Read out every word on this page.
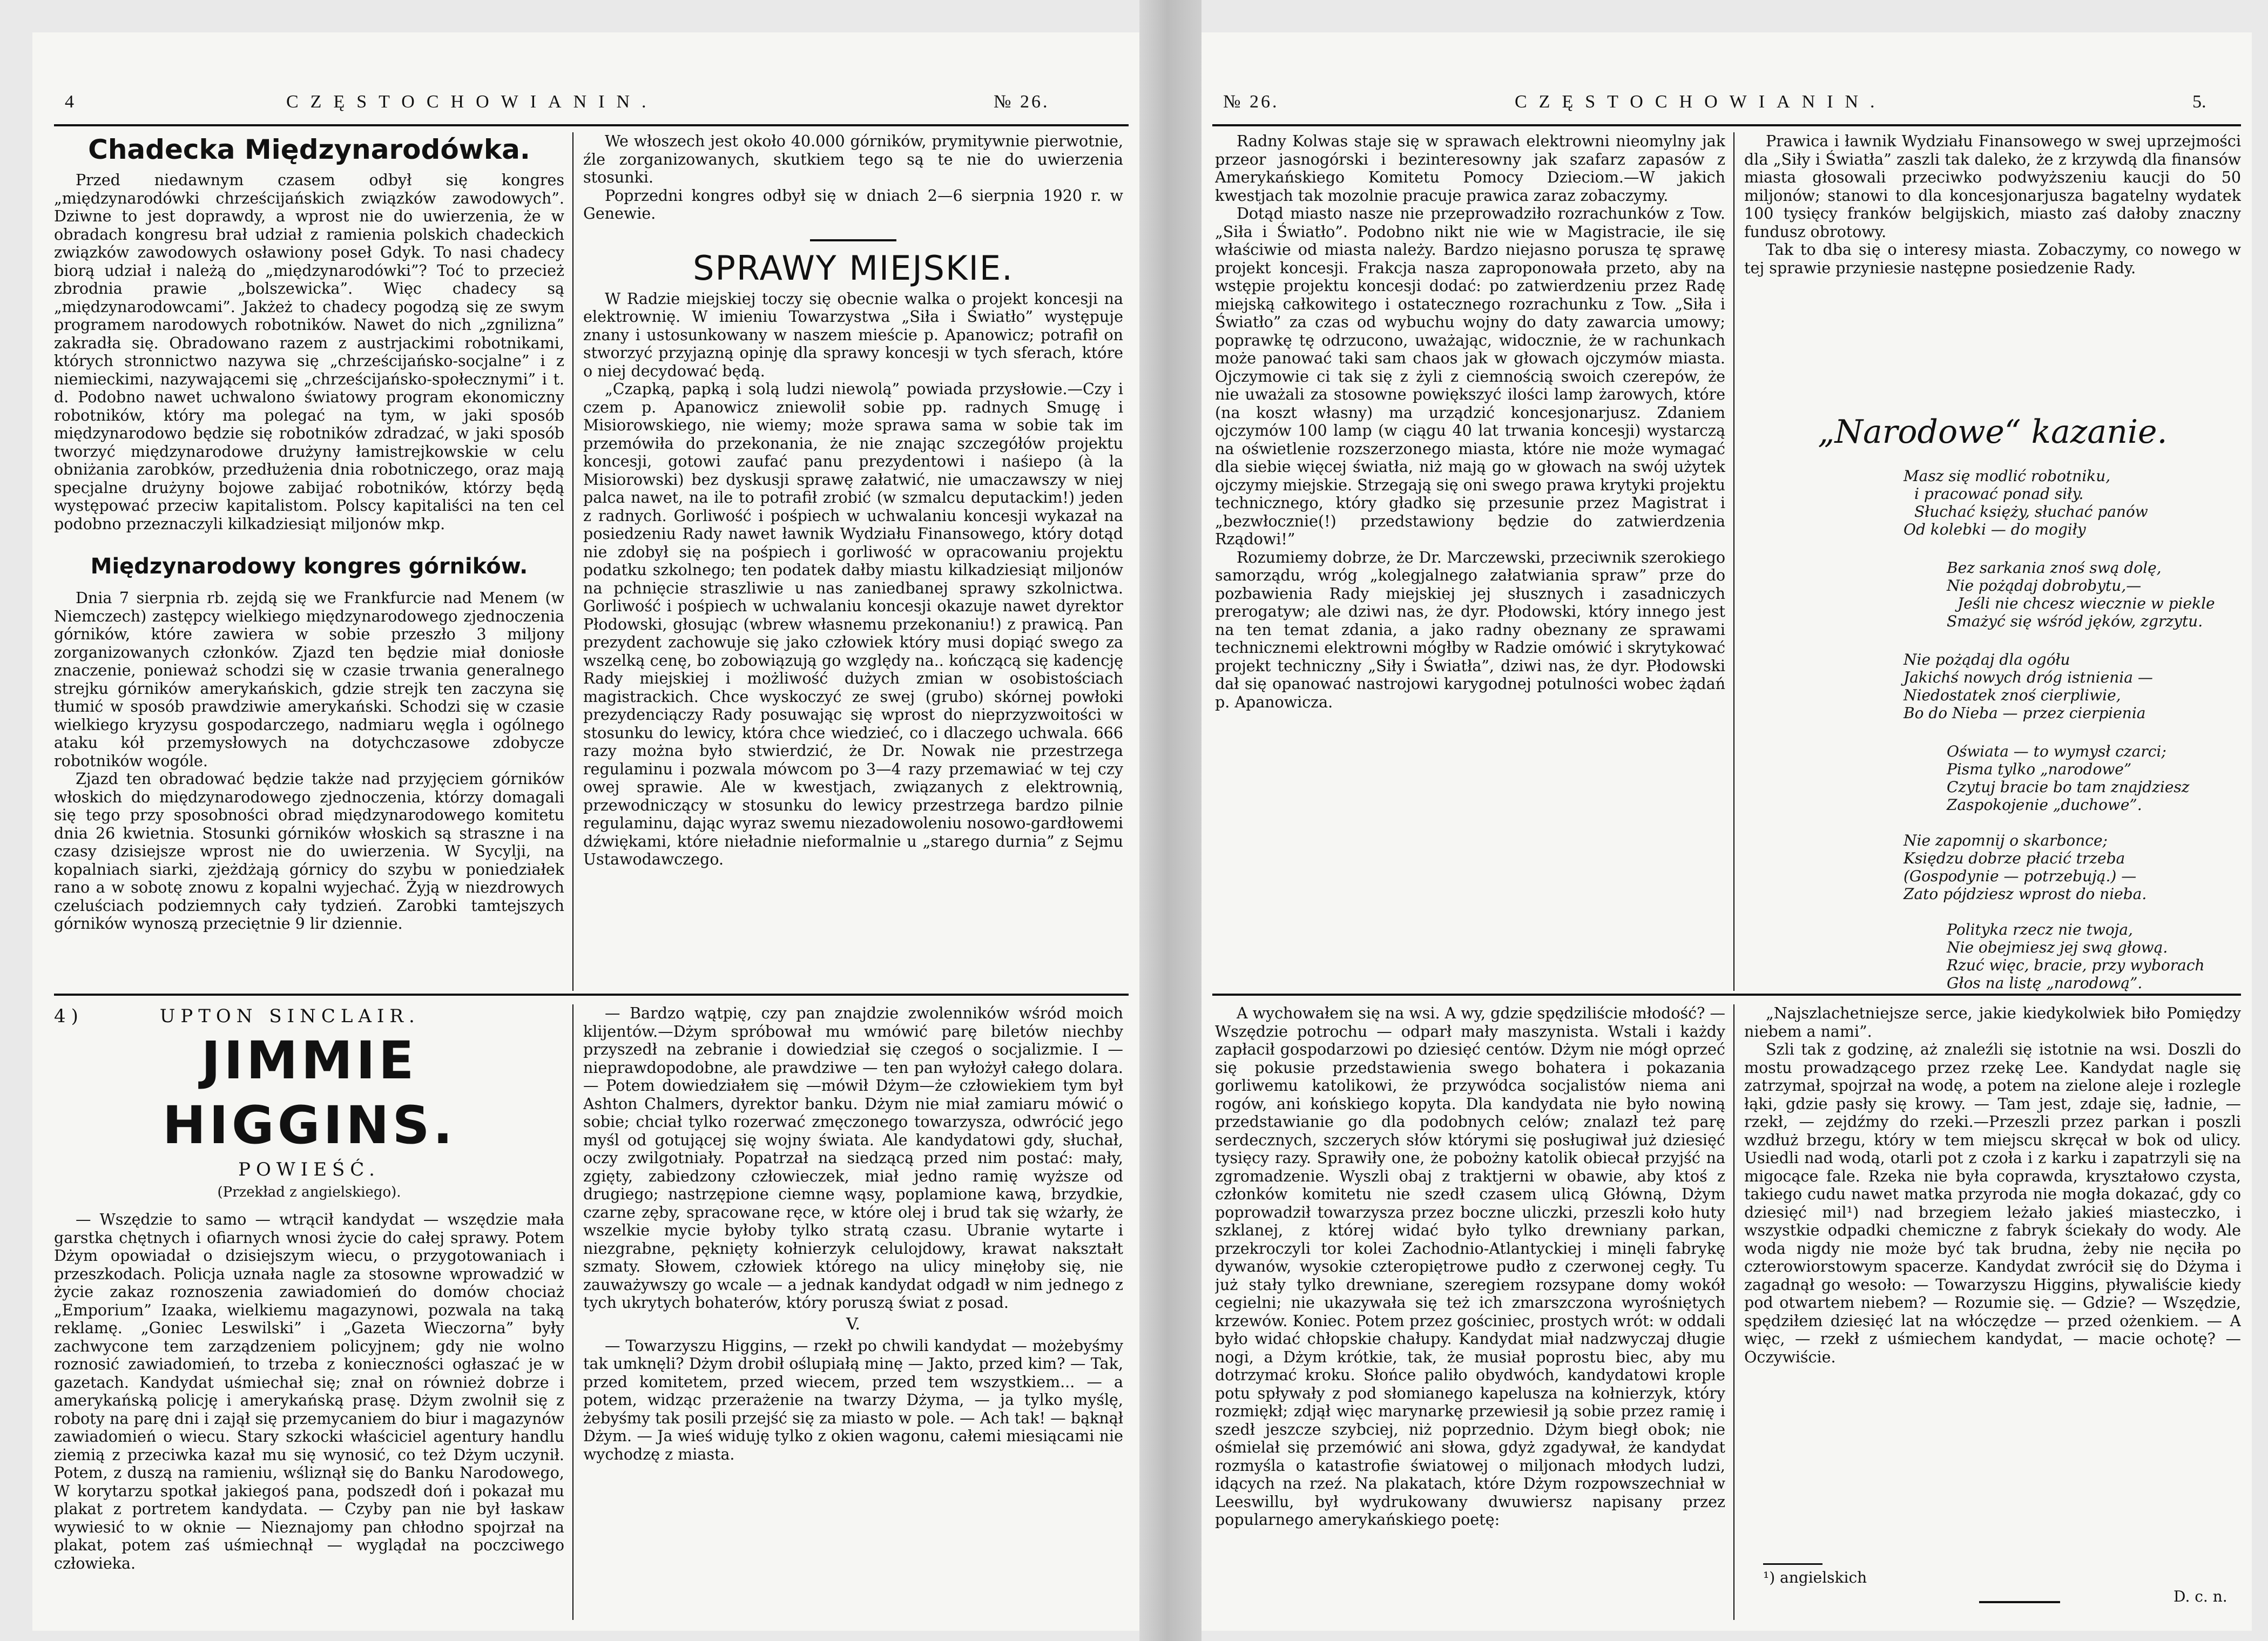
4	CZĘSTOCHOWIANIN.	№ 26.
Chadecka Międzynarodówka.

Przed niedawnym czasem odbył się kongres „międzynarodówki chrześcijańskich związków zawodowych”. Dziwne to jest doprawdy, a wprost nie do uwierzenia, że w obradach kongresu brał udział z ramienia polskich chadeckich związków zawodowych osławiony poseł Gdyk. To nasi chadecy biorą udział i należą do „międzynarodówki”? Toć to przecież zbrodnia prawie „bolszewicka”. Więc chadecy są „międzynarodowcami”. Jakżeż to chadecy pogodzą się ze swym programem narodowych robotników. Nawet do nich „zgnilizna” zakradła się. Obradowano razem z austrjackimi robotnikami, których stronnictwo nazywa się „chrześcijańsko-socjalne” i z niemieckimi, nazywającemi się „chrześcijańsko-społecznymi” i t. d. Podobno nawet uchwalono światowy program ekonomiczny robotników, który ma polegać na tym, w jaki sposób międzynarodowo będzie się robotników zdradzać, w jaki sposób tworzyć międzynarodowe drużyny łamistrejkowskie w celu obniżania zarobków, przedłużenia dnia robotniczego, oraz mają specjalne drużyny bojowe zabijać robotników, którzy będą występować przeciw kapitalistom. Polscy kapitaliści na ten cel podobno przeznaczyli kilkadziesiąt miljonów mkp.

Międzynarodowy kongres górników.

Dnia 7 sierpnia rb. zejdą się we Frankfurcie nad Menem (w Niemczech) zastępcy wielkiego międzynarodowego zjednoczenia górników, które zawiera w sobie przeszło 3 miljony zorganizowanych członków. Zjazd ten będzie miał doniosłe znaczenie, ponieważ schodzi się w czasie trwania generalnego strejku górników amerykańskich, gdzie strejk ten zaczyna się tłumić w sposób prawdziwie amerykański. Schodzi się w czasie wielkiego kryzysu gospodarczego, nadmiaru węgla i ogólnego ataku kół przemysłowych na dotychczasowe zdobycze robotników wogóle.

Zjazd ten obradować będzie także nad przyjęciem górników włoskich do międzynarodowego zjednoczenia, którzy domagali się tego przy sposobności obrad międzynarodowego komitetu dnia 26 kwietnia. Stosunki górników włoskich są straszne i na czasy dzisiejsze wprost nie do uwierzenia. W Sycylji, na kopalniach siarki, zjeżdżają górnicy do szybu w poniedziałek rano a w sobotę znowu z kopalni wyjechać. Żyją w niezdrowych czeluściach podziemnych cały tydzień. Zarobki tamtejszych górników wynoszą przeciętnie 9 lir dziennie.

We włoszech jest około 40.000 górników, prymitywnie pierwotnie, źle zorganizowanych, skutkiem tego są te nie do uwierzenia stosunki.

Poprzedni kongres odbył się w dniach 2—6 sierpnia 1920 r. w Genewie.

SPRAWY MIEJSKIE.

W Radzie miejskiej toczy się obecnie walka o projekt koncesji na elektrownię. W imieniu Towarzystwa „Siła i Światło” występuje znany i ustosunkowany w naszem mieście p. Apanowicz; potrafił on stworzyć przyjazną opinję dla sprawy koncesji w tych sferach, które o niej decydować będą.

„Czapką, papką i solą ludzi niewolą” powiada przysłowie.—Czy i czem p. Apanowicz zniewolił sobie pp. radnych Smugę i Misiorowskiego, nie wiemy; może sprawa sama w sobie tak im przemówiła do przekonania, że nie znając szczegółów projektu koncesji, gotowi zaufać panu prezydentowi i naśiepo (à la Misiorowski) bez dyskusji sprawę załatwić, nie umaczawszy w niej palca nawet, na ile to potrafił zrobić (w szmalcu deputackim!) jeden z radnych. Gorliwość i pośpiech w uchwalaniu koncesji wykazał na posiedzeniu Rady nawet ławnik Wydziału Finansowego, który dotąd nie zdobył się na pośpiech i gorliwość w opracowaniu projektu podatku szkolnego; ten podatek dałby miastu kilkadziesiąt miljonów na pchnięcie straszliwie u nas zaniedbanej sprawy szkolnictwa. Gorliwość i pośpiech w uchwalaniu koncesji okazuje nawet dyrektor Płodowski, głosując (wbrew własnemu przekonaniu!) z prawicą. Pan prezydent zachowuje się jako człowiek który musi dopiąć swego za wszelką cenę, bo zobowiązują go względy na.. kończącą się kadencję Rady miejskiej i możliwość dużych zmian w osobistościach magistrackich. Chce wyskoczyć ze swej (grubo) skórnej powłoki prezydenciączy Rady posuwając się wprost do nieprzyzwoitości w stosunku do lewicy, która chce wiedzieć, co i dlaczego uchwala. 666 razy można było stwierdzić, że Dr. Nowak nie przestrzega regulaminu i pozwala mówcom po 3—4 razy przemawiać w tej czy owej sprawie. Ale w kwestjach, związanych z elektrownią, przewodniczący w stosunku do lewicy przestrzega bardzo pilnie regulaminu, dając wyraz swemu niezadowoleniu nosowo-gardłowemi dźwiękami, które nieładnie nieformalnie u „starego durnia” z Sejmu Ustawodawczego.

4)	UPTON SINCLAIR.
JIMMIE HIGGINS.
POWIEŚĆ.
(Przekład z angielskiego).

— Wszędzie to samo — wtrącił kandydat — wszędzie mała garstka chętnych i ofiarnych wnosi życie do całej sprawy. Potem Dżym opowiadał o dzisiejszym wiecu, o przygotowaniach i przeszkodach. Policja uznała nagle za stosowne wprowadzić w życie zakaz roznoszenia zawiadomień do domów chociaż „Emporium” Izaaka, wielkiemu magazynowi, pozwala na taką reklamę. „Goniec Leswilski” i „Gazeta Wieczorna” były zachwycone tem zarządzeniem policyjnem; gdy nie wolno roznosić zawiadomień, to trzeba z konieczności ogłaszać je w gazetach. Kandydat uśmiechał się; znał on również dobrze i amerykańską policję i amerykańską prasę. Dżym zwolnił się z roboty na parę dni i zajął się przemycaniem do biur i magazynów zawiadomień o wiecu. Stary szkocki właściciel agentury handlu ziemią z przeciwka kazał mu się wynosić, co też Dżym uczynił. Potem, z duszą na ramieniu, wśliznął się do Banku Narodowego, W korytarzu spotkał jakiegoś pana, podszedł doń i pokazał mu plakat z portretem kandydata. — Czyby pan nie był łaskaw wywiesić to w oknie — Nieznajomy pan chłodno spojrzał na plakat, potem zaś uśmiechnął — wyglądał na poczciwego człowieka.

— Bardzo wątpię, czy pan znajdzie zwolenników wśród moich klijentów.—Dżym spróbował mu wmówić parę biletów niechby przyszedł na zebranie i dowiedział się czegoś o socjalizmie. I — nieprawdopodobne, ale prawdziwe — ten pan wyłożył całego dolara. — Potem dowiedziałem się —mówił Dżym—że człowiekiem tym był Ashton Chalmers, dyrektor banku. Dżym nie miał zamiaru mówić o sobie; chciał tylko rozerwać zmęczonego towarzysza, odwrócić jego myśl od gotującej się wojny świata. Ale kandydatowi gdy, słuchał, oczy zwilgotniały. Popatrzał na siedzącą przed nim postać: mały, zgięty, zabiedzony człowieczek, miał jedno ramię wyższe od drugiego; nastrzępione ciemne wąsy, poplamione kawą, brzydkie, czarne zęby, spracowane ręce, w które olej i brud tak się wżarły, że wszelkie mycie byłoby tylko stratą czasu. Ubranie wytarte i niezgrabne, pęknięty kołnierzyk celulojdowy, krawat nakształt szmaty. Słowem, człowiek którego na ulicy minęłoby się, nie zauważywszy go wcale — a jednak kandydat odgadł w nim jednego z tych ukrytych bohaterów, który poruszą świat z posad.

V.

— Towarzyszu Higgins, — rzekł po chwili kandydat — możebyśmy tak umknęli? Dżym drobił oślupiałą minę — Jakto, przed kim? — Tak, przed komitetem, przed wiecem, przed tem wszystkiem... — a potem, widząc przerażenie na twarzy Dżyma, — ja tylko myślę, żebyśmy tak posili przejść się za miasto w pole. — Ach tak! — bąknął Dżym. — Ja wieś widuję tylko z okien wagonu, całemi miesiącami nie wychodzę z miasta.

№ 26.	CZĘSTOCHOWIANIN.	5.

Radny Kolwas staje się w sprawach elektrowni nieomylny jak przeor jasnogórski i bezinteresowny jak szafarz zapasów z Amerykańskiego Komitetu Pomocy Dzieciom.—W jakich kwestjach tak mozolnie pracuje prawica zaraz zobaczymy.

Dotąd miasto nasze nie przeprowadziło rozrachunków z Tow. „Siła i Światło”. Podobno nikt nie wie w Magistracie, ile się właściwie od miasta należy. Bardzo niejasno porusza tę sprawę projekt koncesji. Frakcja nasza zaproponowała przeto, aby na wstępie projektu koncesji dodać: po zatwierdzeniu przez Radę miejską całkowitego i ostatecznego rozrachunku z Tow. „Siła i Światło” za czas od wybuchu wojny do daty zawarcia umowy; poprawkę tę odrzucono, uważając, widocznie, że w rachunkach może panować taki sam chaos jak w głowach ojczymów miasta. Ojczymowie ci tak się z żyli z ciemnością swoich czerepów, że nie uważali za stosowne powiększyć ilości lamp żarowych, które (na koszt własny) ma urządzić koncesjonarjusz. Zdaniem ojczymów 100 lamp (w ciągu 40 lat trwania koncesji) wystarczą na oświetlenie rozszerzonego miasta, które nie może wymagać dla siebie więcej światła, niż mają go w głowach na swój użytek ojczymy miejskie. Strzegają się oni swego prawa krytyki projektu technicznego, który gładko się przesunie przez Magistrat i „bezwłocznie(!) przedstawiony będzie do zatwierdzenia Rządowi!”

Rozumiemy dobrze, że Dr. Marczewski, przeciwnik szerokiego samorządu, wróg „kolegjalnego załatwiania spraw” prze do pozbawienia Rady miejskiej jej słusznych i zasadniczych prerogatyw; ale dziwi nas, że dyr. Płodowski, który innego jest na ten temat zdania, a jako radny obeznany ze sprawami technicznemi elektrowni mógłby w Radzie omówić i skrytykować projekt techniczny „Siły i Światła”, dziwi nas, że dyr. Płodowski dał się opanować nastrojowi karygodnej potulności wobec żądań p. Apanowicza.

Prawica i ławnik Wydziału Finansowego w swej uprzejmości dla „Siły i Światła” zaszli tak daleko, że z krzywdą dla finansów miasta głosowali przeciwko podwyższeniu kaucji do 50 miljonów; stanowi to dla koncesjonarjusza bagatelny wydatek 100 tysięcy franków belgijskich, miasto zaś dałoby znaczny fundusz obrotowy.

Tak to dba się o interesy miasta. Zobaczymy, co nowego w tej sprawie przyniesie następne posiedzenie Rady.

„Narodowe“ kazanie.
Masz się modlić robotniku,
i pracować ponad siły.
Słuchać księży, słuchać panów
Od kolebki — do mogiły
Bez sarkania znoś swą dolę,
Nie pożądaj dobrobytu,—
Jeśli nie chcesz wiecznie w piekle
Smażyć się wśród jęków, zgrzytu.
Nie pożądaj dla ogółu
Jakichś nowych dróg istnienia —
Niedostatek znoś cierpliwie,
Bo do Nieba — przez cierpienia
Oświata — to wymysł czarci;
Pisma tylko „narodowe”
Czytuj bracie bo tam znajdziesz
Zaspokojenie „duchowe”.
Nie zapomnij o skarbonce;
Księdzu dobrze płacić trzeba
(Gospodynie — potrzebują.) —
Zato pójdziesz wprost do nieba.
Polityka rzecz nie twoja,
Nie obejmiesz jej swą głową.
Rzuć więc, bracie, przy wyborach
Głos na listę „narodową”.

A wychowałem się na wsi. A wy, gdzie spędziliście młodość? — Wszędzie potrochu — odparł mały maszynista. Wstali i każdy zapłacił gospodarzowi po dziesięć centów. Dżym nie mógł oprzeć się pokusie przedstawienia swego bohatera i pokazania gorliwemu katolikowi, że przywódca socjalistów niema ani rogów, ani końskiego kopyta. Dla kandydata nie było nowiną przedstawianie go dla podobnych celów; znalazł też parę serdecznych, szczerych słów którymi się posługiwał już dziesięć tysięcy razy. Sprawiły one, że pobożny katolik obiecał przyjść na zgromadzenie. Wyszli obaj z traktjerni w obawie, aby ktoś z członków komitetu nie szedł czasem ulicą Główną, Dżym poprowadził towarzysza przez boczne uliczki, przeszli koło huty szklanej, z której widać było tylko drewniany parkan, przekroczyli tor kolei Zachodnio-Atlantyckiej i minęli fabrykę dywanów, wysokie czteropiętrowe pudło z czerwonej cegły. Tu już stały tylko drewniane, szeregiem rozsypane domy wokół cegielni; nie ukazywała się też ich zmarszczona wyrośniętych krzewów. Koniec. Potem przez gościniec, prostych wrót: w oddali było widać chłopskie chałupy. Kandydat miał nadzwyczaj długie nogi, a Dżym krótkie, tak, że musiał poprostu biec, aby mu dotrzymać kroku. Słońce paliło obydwóch, kandydatowi krople potu spływały z pod słomianego kapelusza na kołnierzyk, który rozmiękł; zdjął więc marynarkę przewiesił ją sobie przez ramię i szedł jeszcze szybciej, niż poprzednio. Dżym biegł obok; nie ośmielał się przemówić ani słowa, gdyż zgadywał, że kandydat rozmyśla o katastrofie światowej o miljonach młodych ludzi, idących na rzeź. Na plakatach, które Dżym rozpowszechniał w Leeswillu, był wydrukowany dwuwiersz napisany przez popularnego amerykańskiego poetę:

„Najszlachetniejsze serce, jakie kiedykolwiek biło Pomiędzy niebem a nami”.

Szli tak z godzinę, aż znaleźli się istotnie na wsi. Doszli do mostu prowadzącego przez rzekę Lee. Kandydat nagle się zatrzymał, spojrzał na wodę, a potem na zielone aleje i rozlegle łąki, gdzie pasły się krowy. — Tam jest, zdaje się, ładnie, — rzekł, — zejdźmy do rzeki.—Przeszli przez parkan i poszli wzdłuż brzegu, który w tem miejscu skręcał w bok od ulicy. Usiedli nad wodą, otarli pot z czoła i z karku i zapatrzyli się na migocące fale. Rzeka nie była coprawda, kryształowo czysta, takiego cudu nawet matka przyroda nie mogła dokazać, gdy co dziesięć mil¹) nad brzegiem leżało jakieś miasteczko, i wszystkie odpadki chemiczne z fabryk ściekały do wody. Ale woda nigdy nie może być tak brudna, żeby nie nęciła po czterowiorstowym spacerze. Kandydat zwrócił się do Dżyma i zagadnął go wesoło: — Towarzyszu Higgins, pływaliście kiedy pod otwartem niebem? — Rozumie się. — Gdzie? — Wszędzie, spędziłem dziesięć lat na włóczędze — przed ożenkiem. — A więc, — rzekł z uśmiechem kandydat, — macie ochotę? — Oczywiście.

¹) angielskich
D. c. n.
